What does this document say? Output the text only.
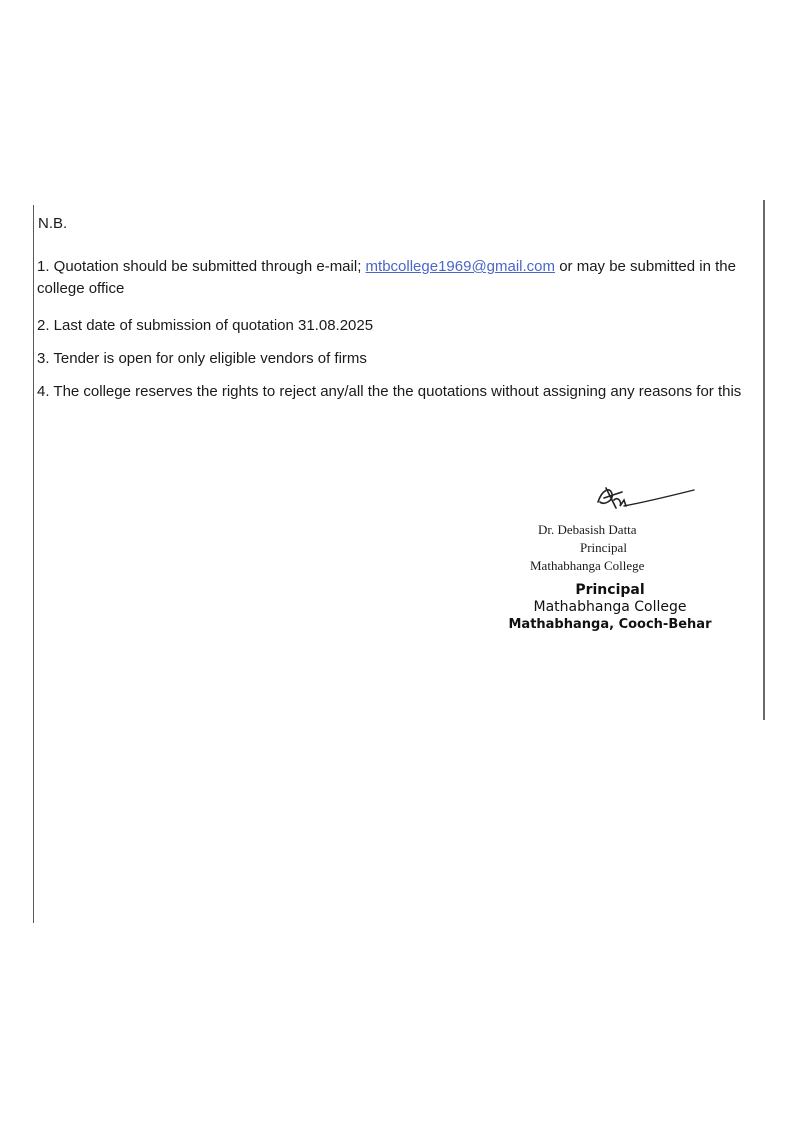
N.B.
1. Quotation should be submitted through e-mail; mtbcollege1969@gmail.com or may be submitted in the college office
2. Last date of submission of quotation 31.08.2025
3. Tender is open for only eligible vendors of firms
4. The college reserves the rights to reject any/all the the quotations without assigning any reasons for this
Dr. Debasish Datta
Principal
Mathabhanga College
Principal
Mathabhanga College
Mathabhanga, Cooch-Behar
